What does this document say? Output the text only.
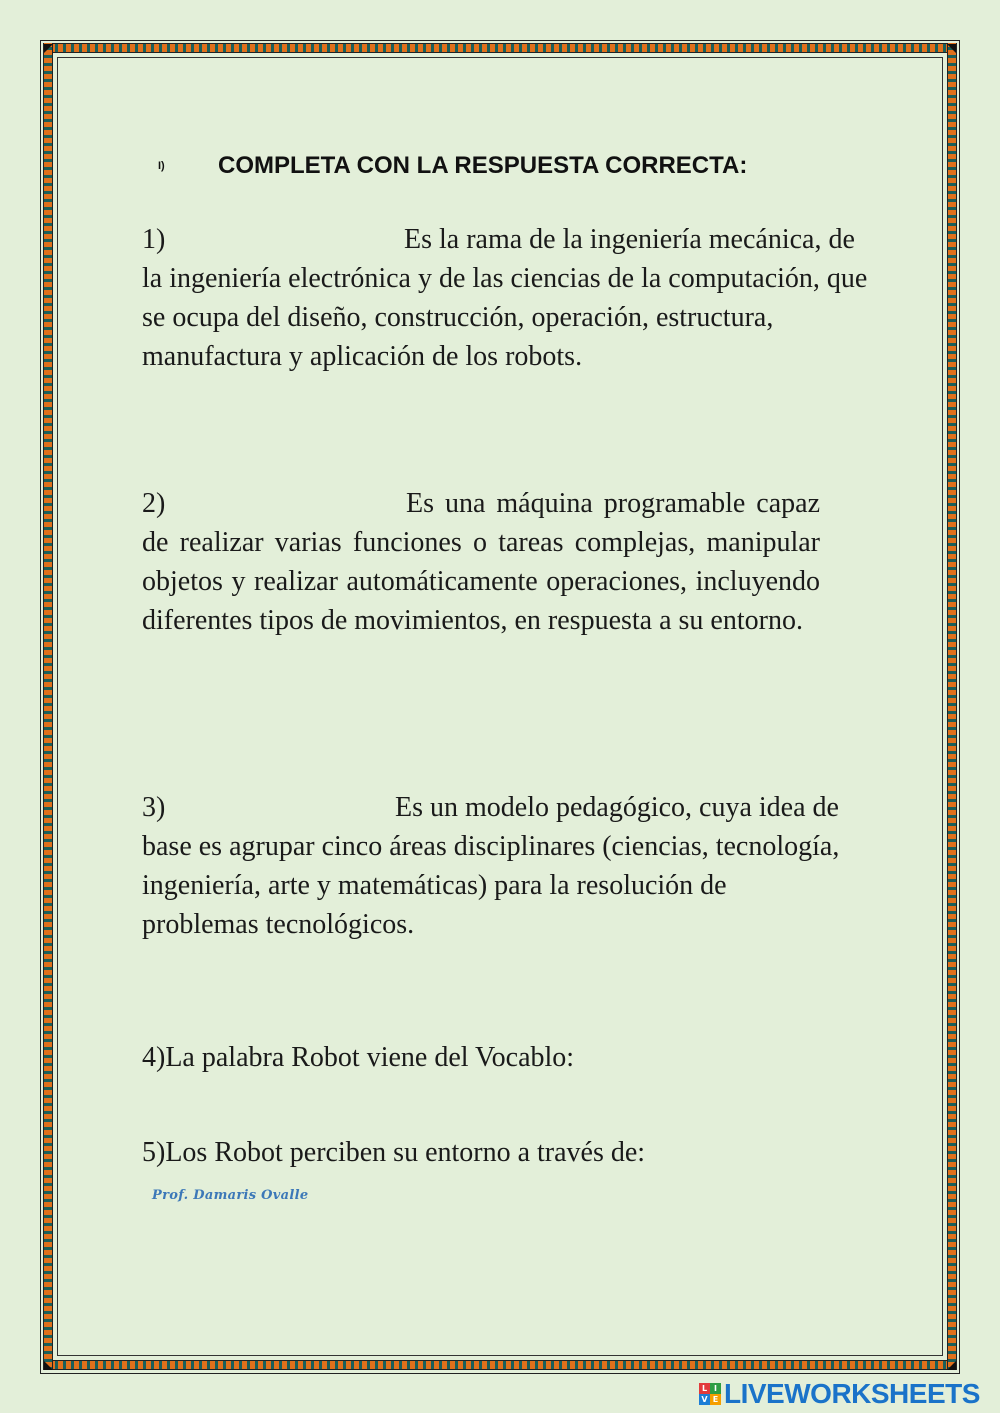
I) COMPLETA CON LA RESPUESTA CORRECTA:

1)	Es la rama de la ingeniería mecánica, de la ingeniería electrónica y de las ciencias de la computación, que se ocupa del diseño, construcción, operación, estructura, manufactura y aplicación de los robots.

2)	Es una máquina programable capaz de realizar varias funciones o tareas complejas, manipular objetos y realizar automáticamente operaciones, incluyendo diferentes tipos de movimientos, en respuesta a su entorno.

3)	Es un modelo pedagógico, cuya idea de base es agrupar cinco áreas disciplinares (ciencias, tecnología, ingeniería, arte y matemáticas) para la resolución de problemas tecnológicos.

4)La palabra Robot viene del Vocablo:

5)Los Robot perciben su entorno a través de:

Prof. Damaris Ovalle
L I
V E LIVEWORKSHEETS
